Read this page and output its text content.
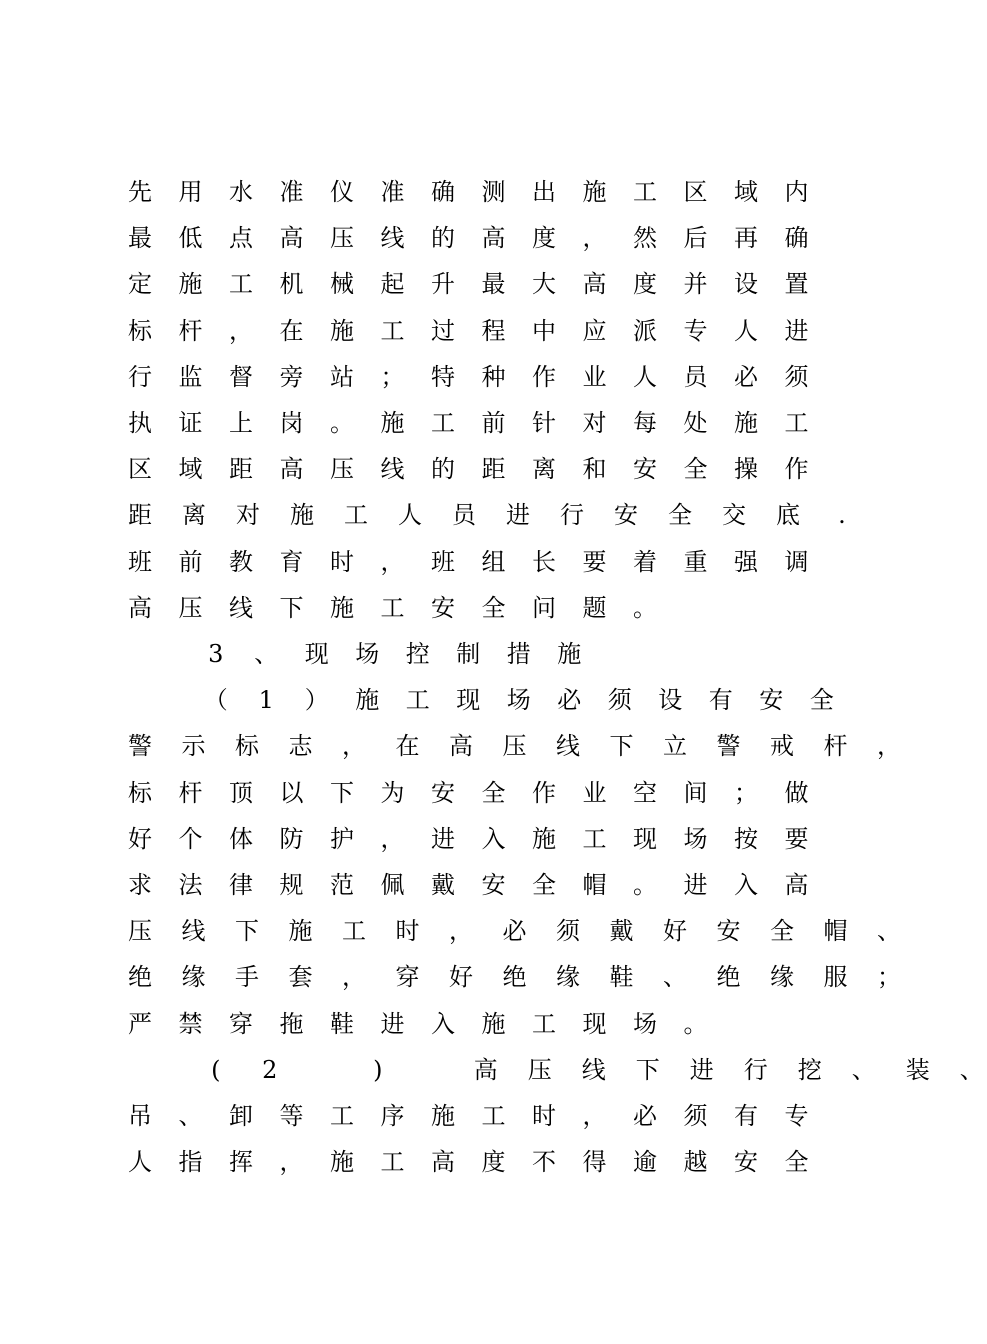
先 用 水 准 仪 准 确 测 出 施 工 区 域 内
最 低 点 高 压 线 的 高 度 ， 然 后 再 确
定 施 工 机 械 起 升 最 大 高 度 并 设 置
标 杆 ， 在 施 工 过 程 中 应 派 专 人 进
行 监 督 旁 站 ； 特 种 作 业 人 员 必 须
执 证 上 岗 。 施 工 前 针 对 每 处 施 工
区 域 距 高 压 线 的 距 离 和 安 全 操 作
距 离 对 施 工 人 员 进 行 安 全 交 底	.
班 前 教 育 时 ， 班 组 长 要 着 重 强 调
高 压 线 下 施 工 安 全 问 题 。
3	、 现 场 控 制 措 施
（	1	） 施 工 现 场 必 须 设 有 安 全
警 示 标 志 ， 在 高 压 线 下 立 警 戒 杆 ，
标 杆 顶 以 下 为 安 全 作 业 空 间 ； 做
好 个 体 防 护 ， 进 入 施 工 现 场 按 要
求 法 律 规 范 佩 戴 安 全 帽 。 进 入 高
压 线 下 施 工 时 ， 必 须 戴 好 安 全 帽 、
绝 缘 手 套 ， 穿 好 绝 缘 鞋 、 绝 缘 服 ；
严 禁 穿 拖 鞋 进 入 施 工 现 场 。
(	2	)	高 压 线 下 进 行 挖 、 装 、
吊 、 卸 等 工 序 施 工 时 ， 必 须 有 专
人 指 挥 ， 施 工 高 度 不 得 逾 越 安 全
